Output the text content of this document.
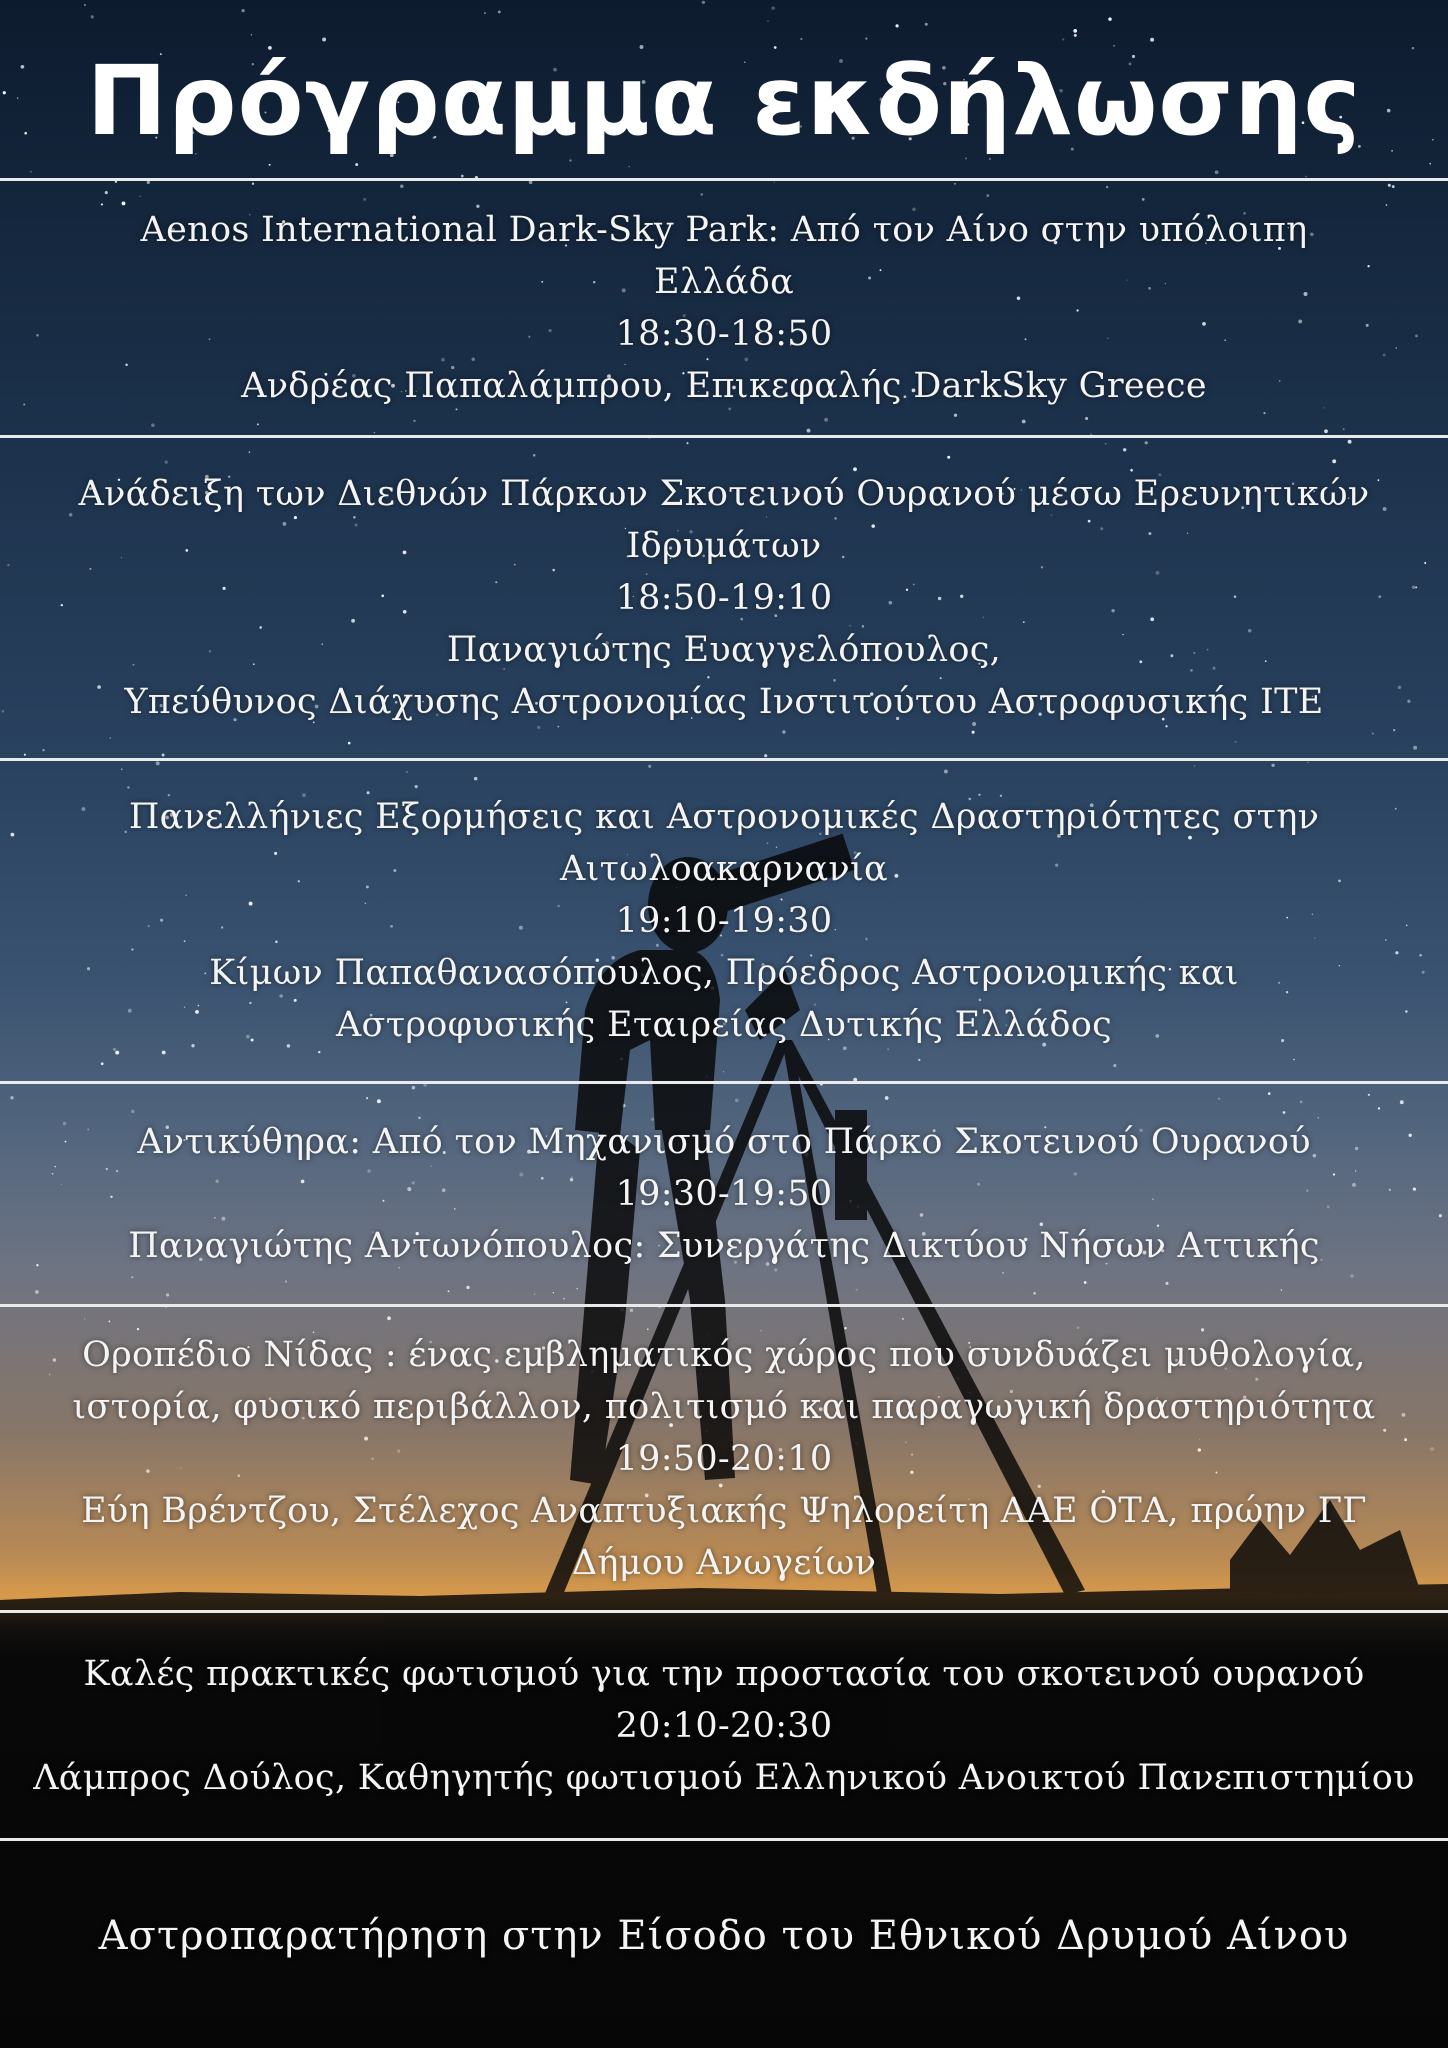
Πρόγραμμα εκδήλωσης
Aenos International Dark-Sky Park: Από τον Αίνο στην υπόλοιπη
Ελλάδα
18:30-18:50
Ανδρέας Παπαλάμπρου, Επικεφαλής DarkSky Greece
Ανάδειξη των Διεθνών Πάρκων Σκοτεινού Ουρανού μέσω Ερευνητικών
Ιδρυμάτων
18:50-19:10
Παναγιώτης Ευαγγελόπουλος,
Υπεύθυνος Διάχυσης Αστρονομίας Ινστιτούτου Αστροφυσικής ΙΤΕ
Πανελλήνιες Εξορμήσεις και Αστρονομικές Δραστηριότητες στην
Αιτωλοακαρνανία
19:10-19:30
Κίμων Παπαθανασόπουλος, Πρόεδρος Αστρονομικής και
Αστροφυσικής Εταιρείας Δυτικής Ελλάδος
Αντικύθηρα: Από τον Μηχανισμό στο Πάρκο Σκοτεινού Ουρανού
19:30-19:50
Παναγιώτης Αντωνόπουλος: Συνεργάτης Δικτύου Νήσων Αττικής
Οροπέδιο Νίδας : ένας εμβληματικός χώρος που συνδυάζει μυθολογία,
ιστορία, φυσικό περιβάλλον, πολιτισμό και παραγωγική δραστηριότητα
19:50-20:10
Εύη Βρέντζου, Στέλεχος Αναπτυξιακής Ψηλορείτη ΑΑΕ ΟΤΑ, πρώην ΓΓ
Δήμου Ανωγείων
Καλές πρακτικές φωτισμού για την προστασία του σκοτεινού ουρανού
20:10-20:30
Λάμπρος Δούλος, Καθηγητής φωτισμού Ελληνικού Ανοικτού Πανεπιστημίου
Αστροπαρατήρηση στην Είσοδο του Εθνικού Δρυμού Αίνου
